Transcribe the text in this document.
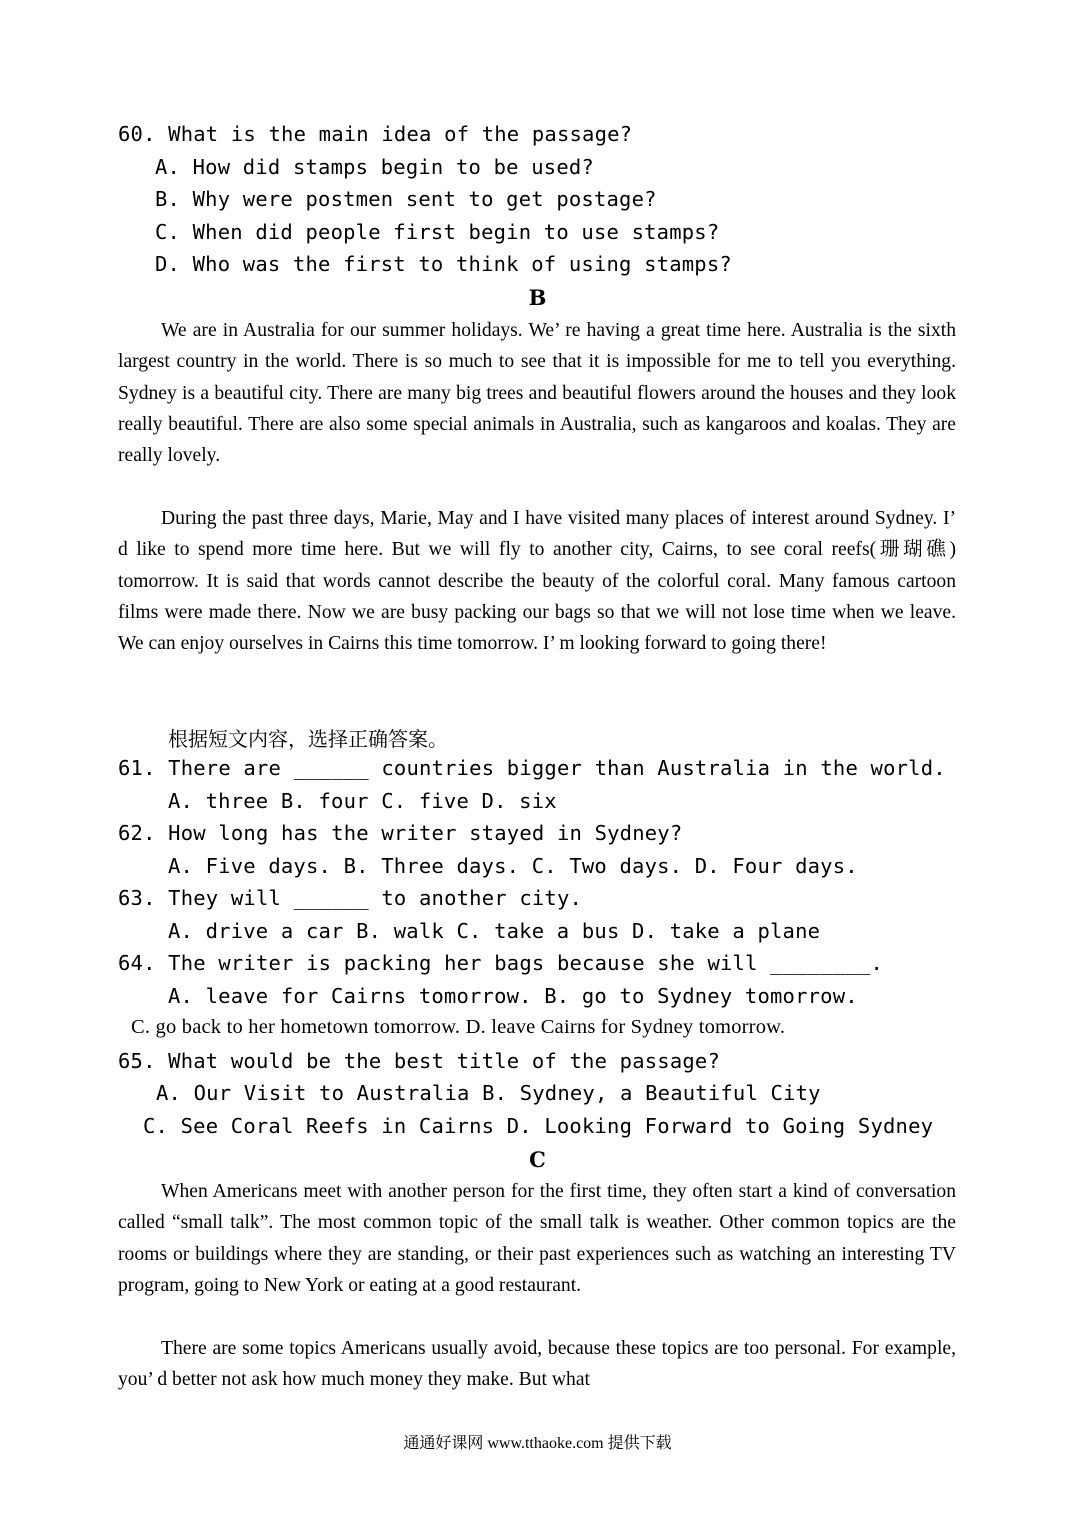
60. What is the main idea of the passage?
A. How did stamps begin to be used?
B. Why were postmen sent to get postage?
C. When did people first begin to use stamps?
D. Who was the first to think of using stamps?
B
We are in Australia for our summer holidays. We’ re having a great time here. Australia is the sixth largest country in the world. There is so much to see that it is impossible for me to tell you everything. Sydney is a beautiful city. There are many big trees and beautiful flowers around the houses and they look really beautiful. There are also some special animals in Australia, such as kangaroos and koalas. They are really lovely.
During the past three days, Marie, May and I have visited many places of interest around Sydney. I’ d like to spend more time here. But we will fly to another city, Cairns, to see coral reefs(珊瑚礁) tomorrow. It is said that words cannot describe the beauty of the colorful coral. Many famous cartoon films were made there. Now we are busy packing our bags so that we will not lose time when we leave. We can enjoy ourselves in Cairns this time tomorrow. I’ m looking forward to going there!
根据短文内容，选择正确答案。
61. There are ______ countries bigger than Australia in the world.
A. three B. four C. five D. six
62. How long has the writer stayed in Sydney?
A. Five days. B. Three days. C. Two days. D. Four days.
63. They will ______ to another city.
A. drive a car B. walk C. take a bus D. take a plane
64. The writer is packing her bags because she will ________.
A. leave for Cairns tomorrow. B. go to Sydney tomorrow.
C. go back to her hometown tomorrow. D. leave Cairns for Sydney tomorrow.
65. What would be the best title of the passage?
A. Our Visit to Australia B. Sydney, a Beautiful City
C. See Coral Reefs in Cairns D. Looking Forward to Going Sydney
C
When Americans meet with another person for the first time, they often start a kind of conversation called “small talk”. The most common topic of the small talk is weather. Other common topics are the rooms or buildings where they are standing, or their past experiences such as watching an interesting TV program, going to New York or eating at a good restaurant.
There are some topics Americans usually avoid, because these topics are too personal. For example, you’ d better not ask how much money they make. But what
通通好课网 www.tthaoke.com 提供下载
